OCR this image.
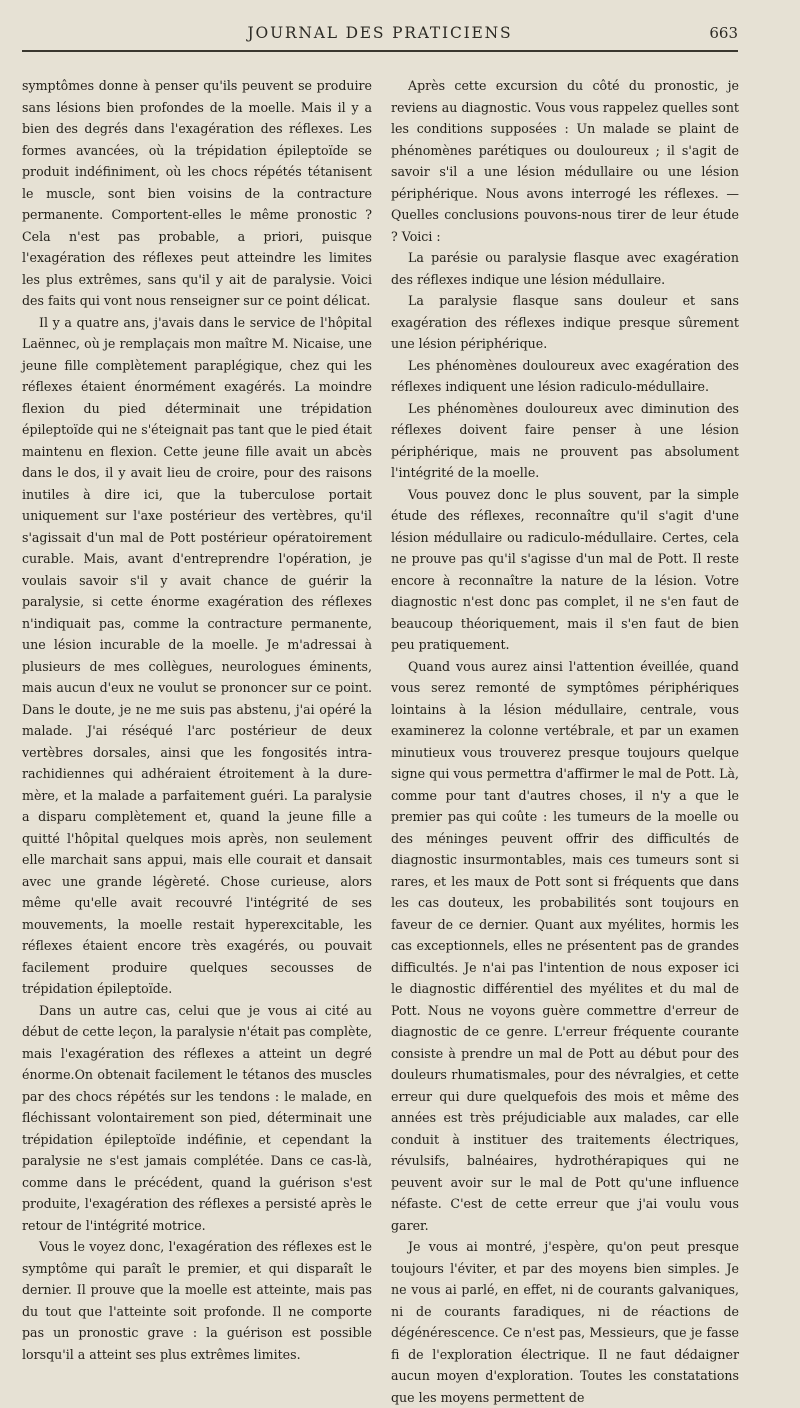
JOURNAL DES PRATICIENS	663

symptômes donne à penser qu'ils peuvent se produire sans lésions bien profondes de la moelle. Mais il y a bien des degrés dans l'exagération des réflexes. Les formes avancées, où la trépidation épileptoïde se produit indéfiniment, où les chocs répétés tétanisent le muscle, sont bien voisins de la contracture permanente. Comportent-elles le même pronostic ? Cela n'est pas probable, a priori, puisque l'exagération des réflexes peut atteindre les limites les plus extrêmes, sans qu'il y ait de paralysie. Voici des faits qui vont nous renseigner sur ce point délicat.

Il y a quatre ans, j'avais dans le service de l'hôpital Laënnec, où je remplaçais mon maître M. Nicaise, une jeune fille complètement paraplégique, chez qui les réflexes étaient énormément exagérés. La moindre flexion du pied déterminait une trépidation épileptoïde qui ne s'éteignait pas tant que le pied était maintenu en flexion. Cette jeune fille avait un abcès dans le dos, il y avait lieu de croire, pour des raisons inutiles à dire ici, que la tuberculose portait uniquement sur l'axe postérieur des vertèbres, qu'il s'agissait d'un mal de Pott postérieur opératoirement curable. Mais, avant d'entreprendre l'opération, je voulais savoir s'il y avait chance de guérir la paralysie, si cette énorme exagération des réflexes n'indiquait pas, comme la contracture permanente, une lésion incurable de la moelle. Je m'adressai à plusieurs de mes collègues, neurologues éminents, mais aucun d'eux ne voulut se prononcer sur ce point. Dans le doute, je ne me suis pas abstenu, j'ai opéré la malade. J'ai réséqué l'arc postérieur de deux vertèbres dorsales, ainsi que les fongosités intra-rachidiennes qui adhéraient étroitement à la dure-mère, et la malade a parfaitement guéri. La paralysie a disparu complètement et, quand la jeune fille a quitté l'hôpital quelques mois après, non seulement elle marchait sans appui, mais elle courait et dansait avec une grande légèreté. Chose curieuse, alors même qu'elle avait recouvré l'intégrité de ses mouvements, la moelle restait hyperexcitable, les réflexes étaient encore très exagérés, ou pouvait facilement produire quelques secousses de trépidation épileptoïde.

Dans un autre cas, celui que je vous ai cité au début de cette leçon, la paralysie n'était pas complète, mais l'exagération des réflexes a atteint un degré énorme.On obtenait facilement le tétanos des muscles par des chocs répétés sur les tendons : le malade, en fléchissant volontairement son pied, déterminait une trépidation épileptoïde indéfinie, et cependant la paralysie ne s'est jamais complétée. Dans ce cas-là, comme dans le précédent, quand la guérison s'est produite, l'exagération des réflexes a persisté après le retour de l'intégrité motrice.

Vous le voyez donc, l'exagération des réflexes est le symptôme qui paraît le premier, et qui disparaît le dernier. Il prouve que la moelle est atteinte, mais pas du tout que l'atteinte soit profonde. Il ne comporte pas un pronostic grave : la guérison est possible lorsqu'il a atteint ses plus extrêmes limites.

Après cette excursion du côté du pronostic, je reviens au diagnostic. Vous vous rappelez quelles sont les conditions supposées : Un malade se plaint de phénomènes parétiques ou douloureux ; il s'agit de savoir s'il a une lésion médullaire ou une lésion périphérique. Nous avons interrogé les réflexes. — Quelles conclusions pouvons-nous tirer de leur étude ? Voici :

La parésie ou paralysie flasque avec exagération des réflexes indique une lésion médullaire.

La paralysie flasque sans douleur et sans exagération des réflexes indique presque sûrement une lésion périphérique.

Les phénomènes douloureux avec exagération des réflexes indiquent une lésion radiculo-médullaire.

Les phénomènes douloureux avec diminution des réflexes doivent faire penser à une lésion périphérique, mais ne prouvent pas absolument l'intégrité de la moelle.

Vous pouvez donc le plus souvent, par la simple étude des réflexes, reconnaître qu'il s'agit d'une lésion médullaire ou radiculo-médullaire. Certes, cela ne prouve pas qu'il s'agisse d'un mal de Pott. Il reste encore à reconnaître la nature de la lésion. Votre diagnostic n'est donc pas complet, il ne s'en faut de beaucoup théoriquement, mais il s'en faut de bien peu pratiquement.

Quand vous aurez ainsi l'attention éveillée, quand vous serez remonté de symptômes périphériques lointains à la lésion médullaire, centrale, vous examinerez la colonne vertébrale, et par un examen minutieux vous trouverez presque toujours quelque signe qui vous permettra d'affirmer le mal de Pott. Là, comme pour tant d'autres choses, il n'y a que le premier pas qui coûte : les tumeurs de la moelle ou des méninges peuvent offrir des difficultés de diagnostic insurmontables, mais ces tumeurs sont si rares, et les maux de Pott sont si fréquents que dans les cas douteux, les probabilités sont toujours en faveur de ce dernier. Quant aux myélites, hormis les cas exceptionnels, elles ne présentent pas de grandes difficultés. Je n'ai pas l'intention de nous exposer ici le diagnostic différentiel des myélites et du mal de Pott. Nous ne voyons guère commettre d'erreur de diagnostic de ce genre. L'erreur fréquente courante consiste à prendre un mal de Pott au début pour des douleurs rhumatismales, pour des névralgies, et cette erreur qui dure quelquefois des mois et même des années est très préjudiciable aux malades, car elle conduit à instituer des traitements électriques, révulsifs, balnéaires, hydrothérapiques qui ne peuvent avoir sur le mal de Pott qu'une influence néfaste. C'est de cette erreur que j'ai voulu vous garer.

Je vous ai montré, j'espère, qu'on peut presque toujours l'éviter, et par des moyens bien simples. Je ne vous ai parlé, en effet, ni de courants galvaniques, ni de courants faradiques, ni de réactions de dégénérescence. Ce n'est pas, Messieurs, que je fasse fi de l'exploration électrique. Il ne faut dédaigner aucun moyen d'exploration. Toutes les constatations que les moyens permettent de
